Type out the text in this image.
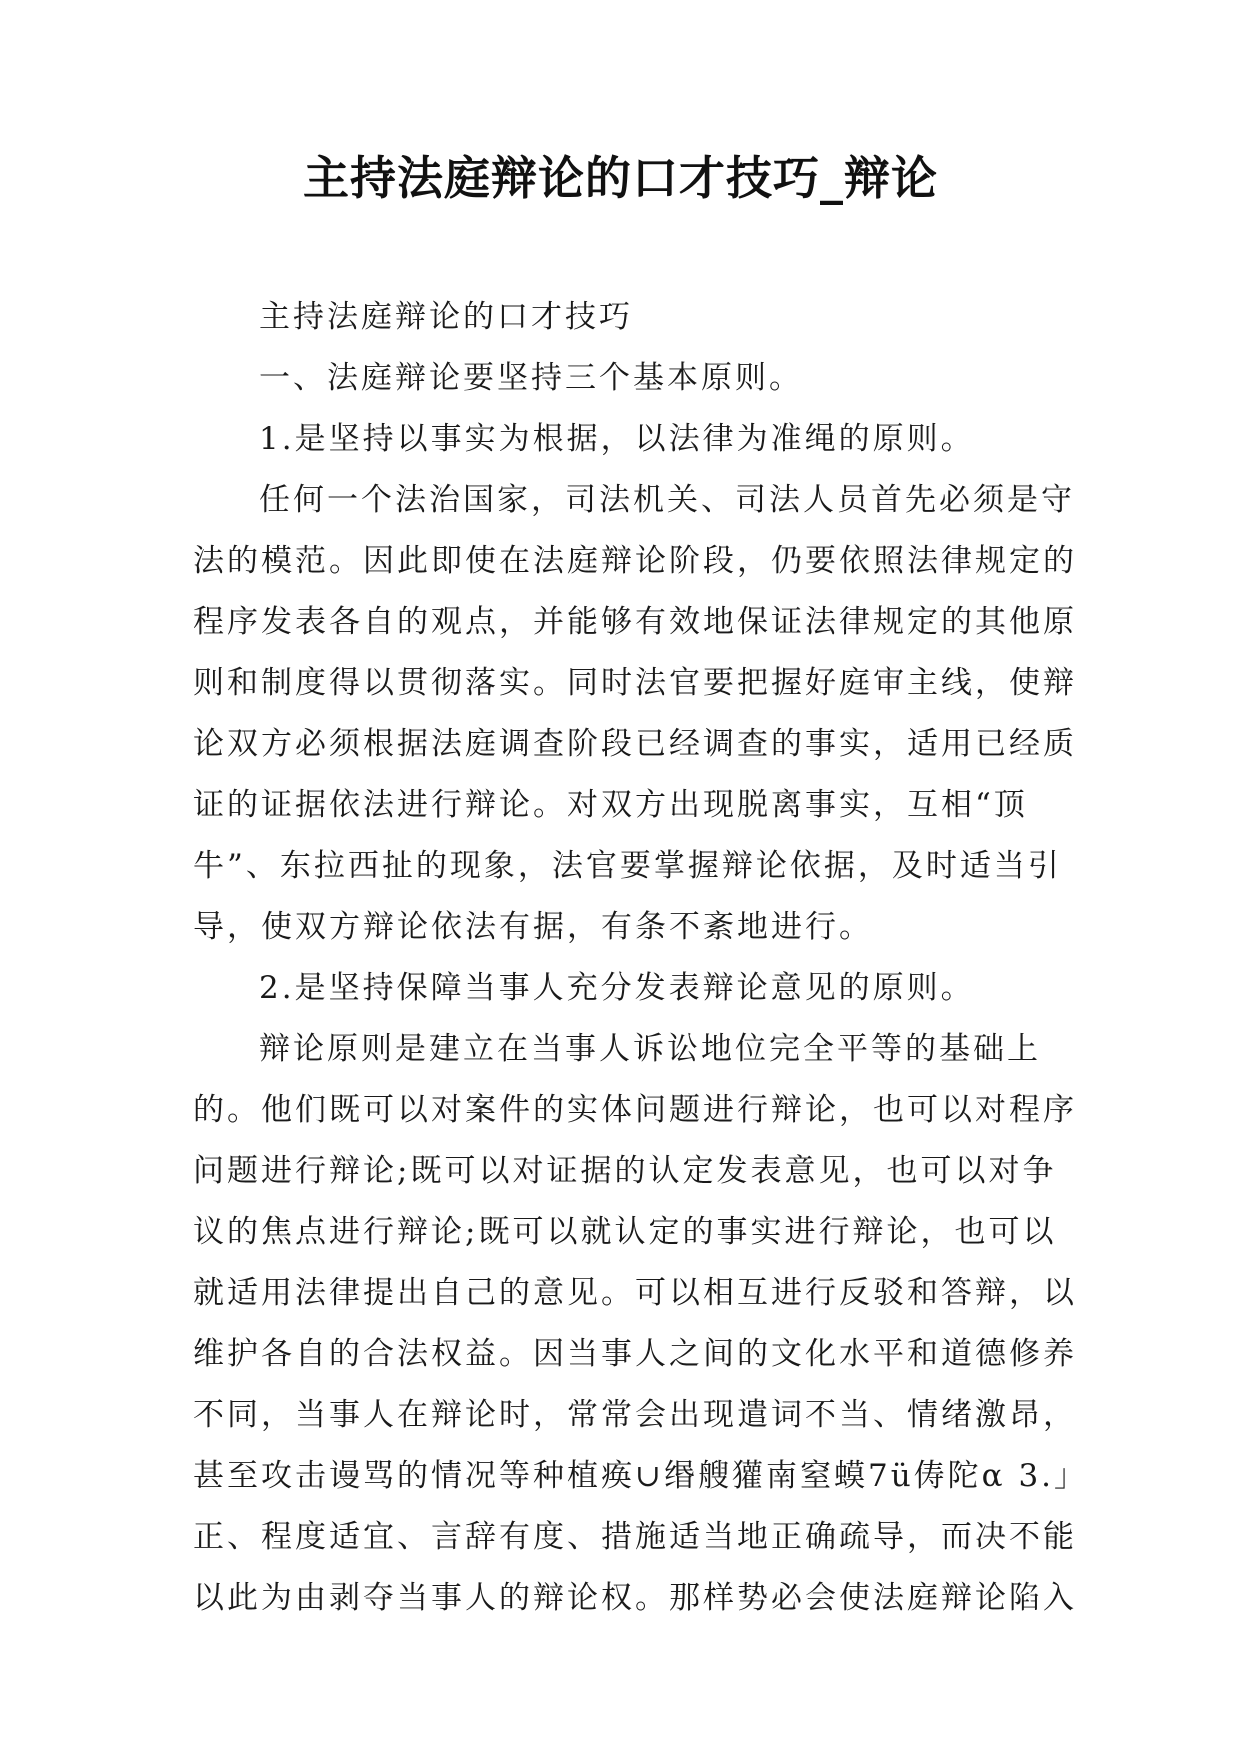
主持法庭辩论的口才技巧_辩论
主持法庭辩论的口才技巧
一、法庭辩论要坚持三个基本原则。
1.是坚持以事实为根据，以法律为准绳的原则。
任何一个法治国家，司法机关、司法人员首先必须是守
法的模范。因此即使在法庭辩论阶段，仍要依照法律规定的
程序发表各自的观点，并能够有效地保证法律规定的其他原
则和制度得以贯彻落实。同时法官要把握好庭审主线，使辩
论双方必须根据法庭调查阶段已经调查的事实，适用已经质
证的证据依法进行辩论。对双方出现脱离事实，互相“顶
牛”、东拉西扯的现象，法官要掌握辩论依据，及时适当引
导，使双方辩论依法有据，有条不紊地进行。
2.是坚持保障当事人充分发表辩论意见的原则。
辩论原则是建立在当事人诉讼地位完全平等的基础上
的。他们既可以对案件的实体问题进行辩论，也可以对程序
问题进行辩论;既可以对证据的认定发表意见，也可以对争
议的焦点进行辩论;既可以就认定的事实进行辩论，也可以
就适用法律提出自己的意见。可以相互进行反驳和答辩，以
维护各自的合法权益。因当事人之间的文化水平和道德修养
不同，当事人在辩论时，常常会出现遣词不当、情绪激昂，
甚至攻击谩骂的情况等种植痪∪缗艘獾南窒蟆7ü俦陀α 3.」
正、程度适宜、言辞有度、措施适当地正确疏导，而决不能
以此为由剥夺当事人的辩论权。那样势必会使法庭辩论陷入
